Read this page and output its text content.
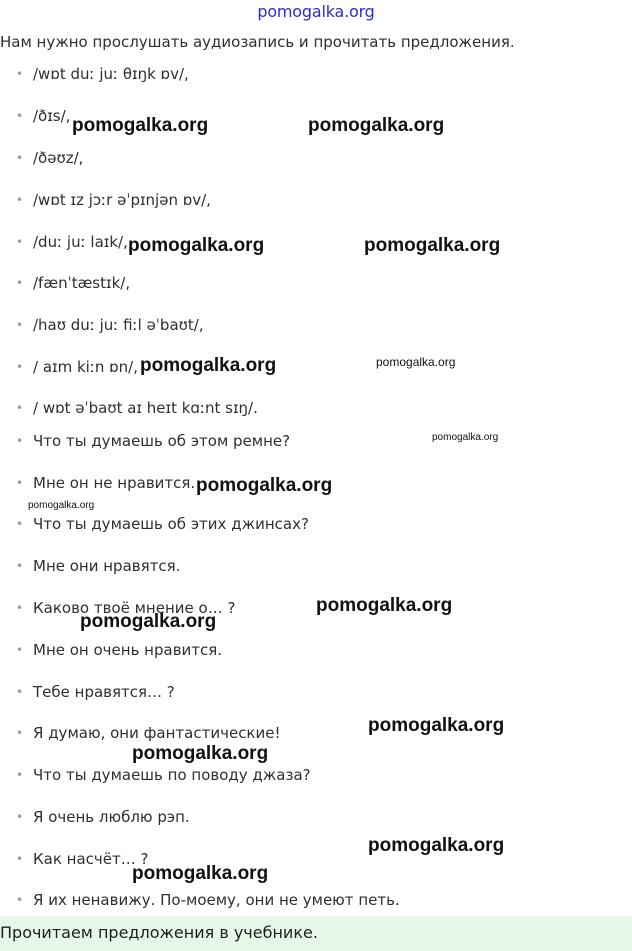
pomogalka.org
Нам нужно прослушать аудиозапись и прочитать предложения.
• /wɒt duː juː θɪŋk ɒv/,
• /ðɪs/,
• /ðəʊz/,
• /wɒt ɪz jɔːr əˈpɪnjən ɒv/,
• /duː juː laɪk/,
• /fænˈtæstɪk/,
• /haʊ duː juː fiːl əˈbaʊt/,
• / aɪm kiːn ɒn/,
• / wɒt əˈbaʊt aɪ heɪt kɑːnt sɪŋ/.
• Что ты думаешь об этом ремне?
• Мне он не нравится.
• Что ты думаешь об этих джинсах?
• Мне они нравятся.
• Каково твоё мнение о… ?
• Мне он очень нравится.
• Тебе нравятся… ?
• Я думаю, они фантастические!
• Что ты думаешь по поводу джаза?
• Я очень люблю рэп.
• Как насчёт… ?
• Я их ненавижу. По-моему, они не умеют петь.
pomogalka.org	pomogalka.org
pomogalka.org	pomogalka.org
pomogalka.org	pomogalka.org
pomogalka.org
pomogalka.org
pomogalka.org
pomogalka.org
pomogalka.org
pomogalka.org
pomogalka.org
pomogalka.org
pomogalka.org
Прочитаем предложения в учебнике.
